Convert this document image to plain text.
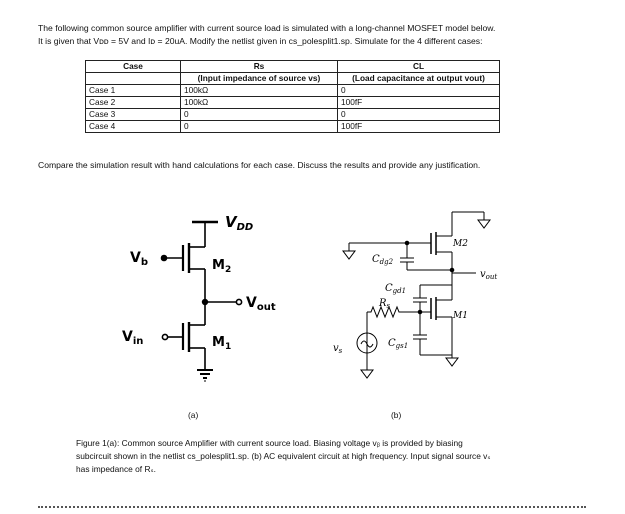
The following common source amplifier with current source load is simulated with a long-channel MOSFET model below.

It is given that Vᴅᴅ = 5V and Iᴅ = 20uA. Modify the netlist given in cs_polesplit1.sp. Simulate for the 4 different cases:

Case	Rs	CL
	(Input impedance of source vs)	(Load capacitance at output vout)
Case 1	100kΩ	0
Case 2	100kΩ	100fF
Case 3	0	0
Case 4	0	100fF
Compare the simulation result with hand calculations for each case. Discuss the results and provide any justification.
$V_{DD}$
$M_2$
$V_b$
$V_{out}$
$V_{in}$	$M_1$
M2
M1
$C_{dg2}$
$v_{out}$
$C_{gd1}$
$R_s$
$C_{gs1}$
$v_s$
(a)	(b)

Figure 1(a): Common source Amplifier with current source load. Biasing voltage vᵦ is provided by biasing

subcircuit shown in the netlist cs_polesplit1.sp. (b) AC equivalent circuit at high frequency. Input signal source vₛ

has impedance of Rₛ.
